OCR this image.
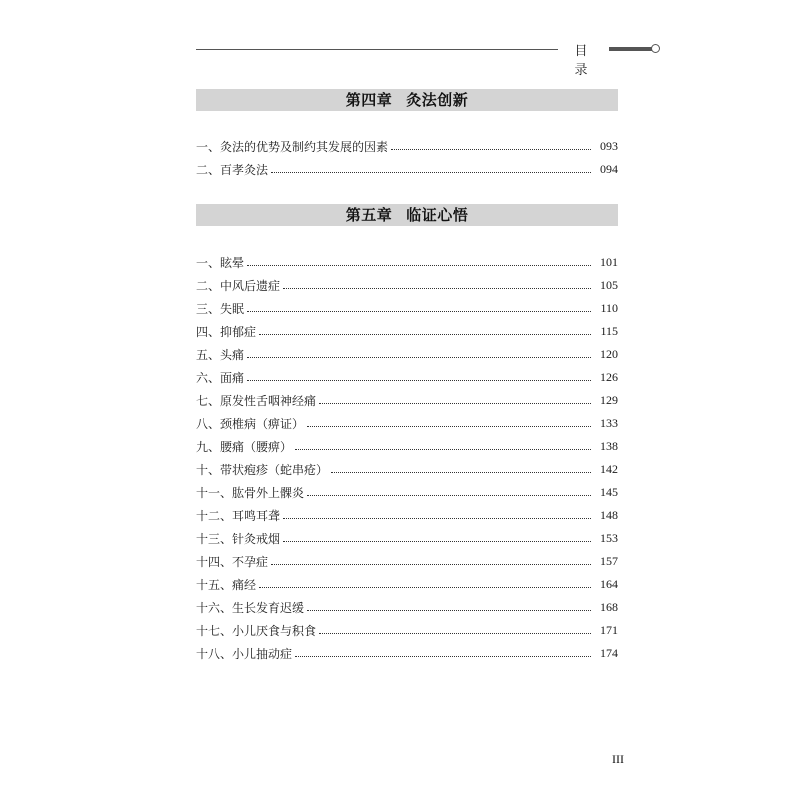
目 录
第四章 灸法创新
一、灸法的优势及制约其发展的因素	093
二、百孝灸法	094
第五章 临证心悟
一、眩晕	101
二、中风后遗症	105
三、失眠	110
四、抑郁症	115
五、头痛	120
六、面痛	126
七、原发性舌咽神经痛	129
八、颈椎病（痹证）	133
九、腰痛（腰痹）	138
十、带状疱疹（蛇串疮）	142
十一、肱骨外上髁炎	145
十二、耳鸣耳聋	148
十三、针灸戒烟	153
十四、不孕症	157
十五、痛经	164
十六、生长发育迟缓	168
十七、小儿厌食与积食	171
十八、小儿抽动症	174
III
